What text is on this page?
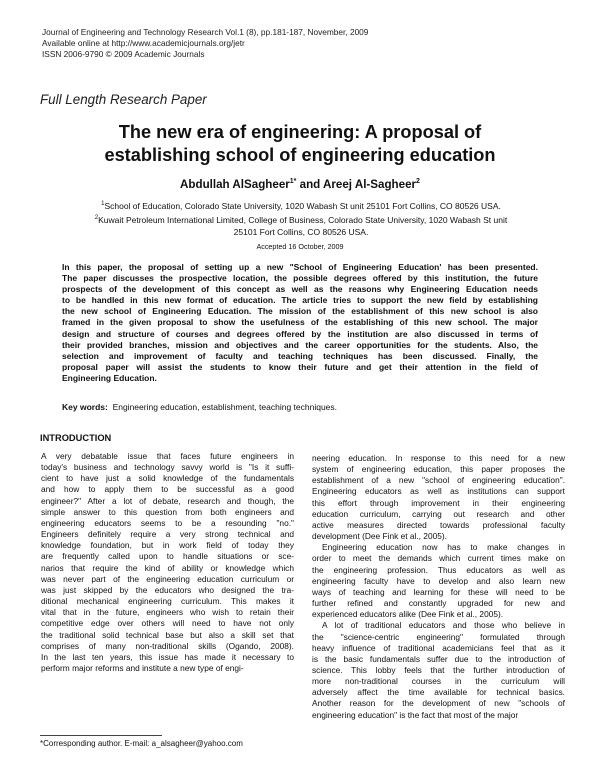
Journal of Engineering and Technology Research Vol.1 (8), pp.181-187, November, 2009
Available online at http://www.academicjournals.org/jetr
ISSN 2006-9790 © 2009 Academic Journals
Full Length Research Paper
The new era of engineering: A proposal of
establishing school of engineering education
Abdullah AlSagheer$^{1*}$ and Areej Al-Sagheer$^2$
$^1$School of Education, Colorado State University, 1020 Wabash St unit 25101 Fort Collins, CO 80526 USA.
$^2$Kuwait Petroleum International Limited, College of Business, Colorado State University, 1020 Wabash St unit
25101 Fort Collins, CO 80526 USA.
Accepted 16 October, 2009
In this paper, the proposal of setting up a new "School of Engineering Education' has been presented.
The paper discusses the prospective location, the possible degrees offered by this institution, the future
prospects of the development of this concept as well as the reasons why Engineering Education needs
to be handled in this new format of education. The article tries to support the new field by establishing
the new school of Engineering Education. The mission of the establishment of this new school is also
framed in the given proposal to show the usefulness of the establishing of this new school. The major
design and structure of courses and degrees offered by the institution are also discussed in terms of
their provided branches, mission and objectives and the career opportunities for the students. Also, the
selection and improvement of faculty and teaching techniques has been discussed. Finally, the
proposal paper will assist the students to know their future and get their attention in the field of
Engineering Education.
Key words: Engineering education, establishment, teaching techniques.
INTRODUCTION
A very debatable issue that faces future engineers in
today's business and technology savvy world is "Is it suffi-
cient to have just a solid knowledge of the fundamentals
and how to apply them to be successful as a good
engineer?" After a lot of debate, research and though, the
simple answer to this question from both engineers and
engineering educators seems to be a resounding "no."
Engineers definitely require a very strong technical and
knowledge foundation, but in work field of today they
are frequently called upon to handle situations or sce-
narios that require the kind of ability or knowledge which
was never part of the engineering education curriculum or
was just skipped by the educators who designed the tra-
ditional mechanical engineering curriculum. This makes it
vital that in the future, engineers who wish to retain their
competitive edge over others will need to have not only
the traditional solid technical base but also a skill set that
comprises of many non-traditional skills (Ogando, 2008).
In the last ten years, this issue has made it necessary to
perform major reforms and institute a new type of engi-
neering education. In response to this need for a new
system of engineering education, this paper proposes the
establishment of a new "school of engineering education".
Engineering educators as well as institutions can support
this effort through improvement in their engineering
education curriculum, carrying out research and other
active measures directed towards professional faculty
development (Dee Fink et al., 2005).
Engineering education now has to make changes in
order to meet the demands which current times make on
the engineering profession. Thus educators as well as
engineering faculty have to develop and also learn new
ways of teaching and learning for these will need to be
further refined and constantly upgraded for new and
experienced educators alike (Dee Fink et al., 2005).
A lot of traditional educators and those who believe in
the "science-centric engineering" formulated through
heavy influence of traditional academicians feel that as it
is the basic fundamentals suffer due to the introduction of
science. This lobby feels that the further introduction of
more non-traditional courses in the curriculum will
adversely affect the time available for technical basics.
Another reason for the development of new "schools of
engineering education" is the fact that most of the major
*Corresponding author. E-mail: a_alsagheer@yahoo.com
